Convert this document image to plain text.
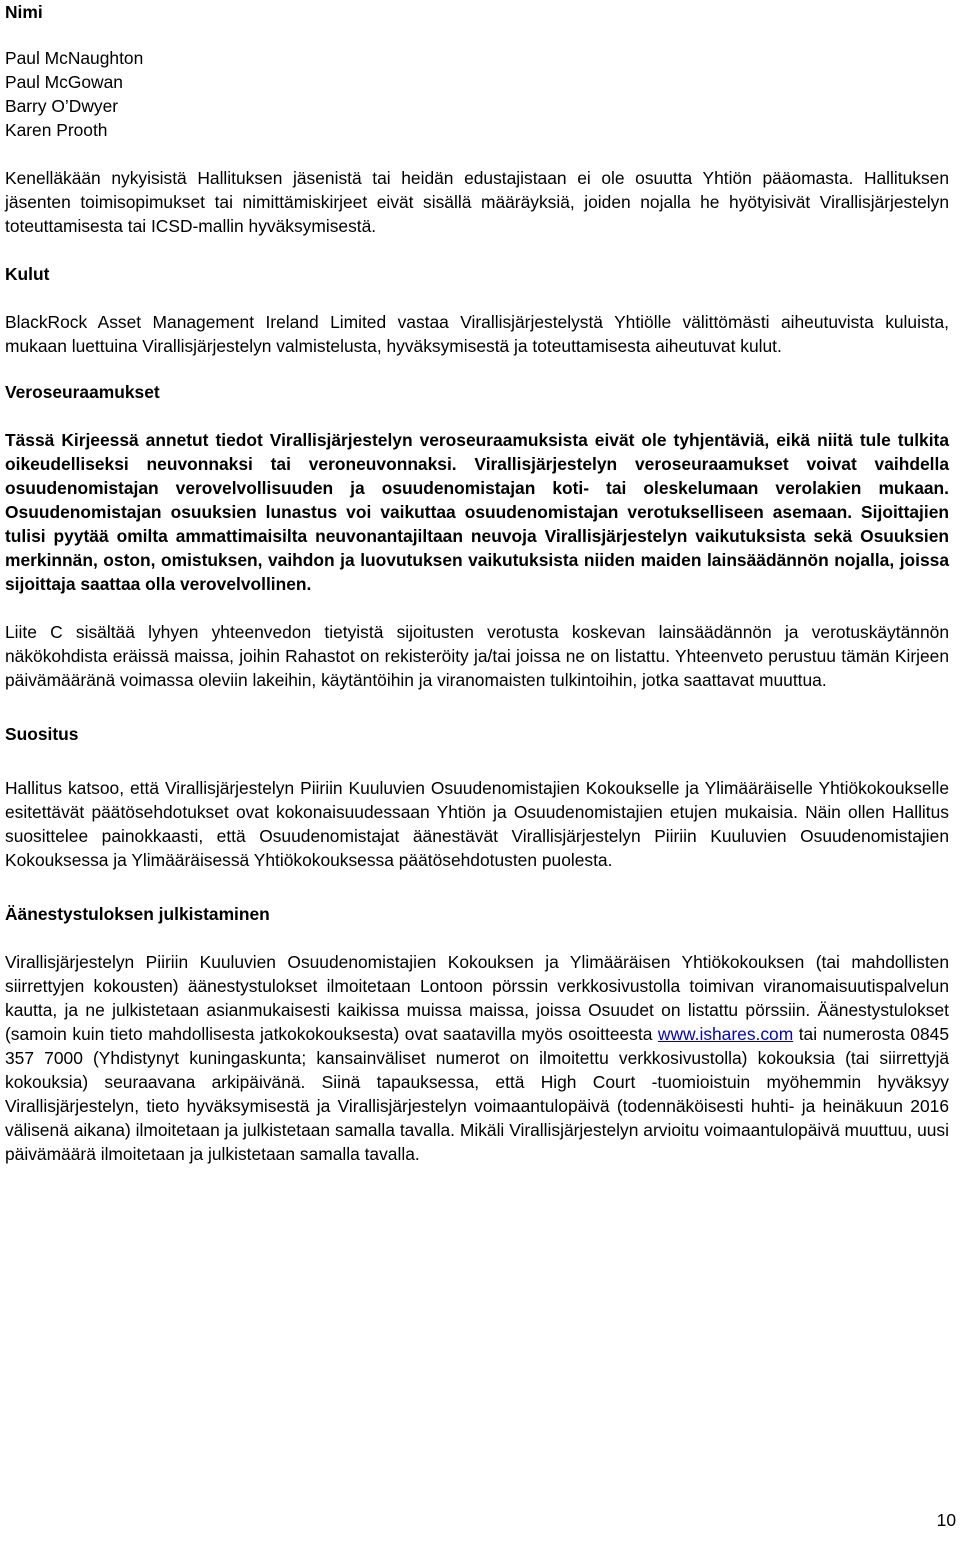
Nimi
Paul McNaughton
Paul McGowan
Barry O’Dwyer
Karen Prooth

Kenelläkään nykyisistä Hallituksen jäsenistä tai heidän edustajistaan ei ole osuutta Yhtiön pääomasta. Hallituksen jäsenten toimisopimukset tai nimittämiskirjeet eivät sisällä määräyksiä, joiden nojalla he hyötyisivät Virallisjärjestelyn toteuttamisesta tai ICSD-mallin hyväksymisestä.

Kulut

BlackRock Asset Management Ireland Limited vastaa Virallisjärjestelystä Yhtiölle välittömästi aiheutuvista kuluista, mukaan luettuina Virallisjärjestelyn valmistelusta, hyväksymisestä ja toteuttamisesta aiheutuvat kulut.

Veroseuraamukset

Tässä Kirjeessä annetut tiedot Virallisjärjestelyn veroseuraamuksista eivät ole tyhjentäviä, eikä niitä tule tulkita oikeudelliseksi neuvonnaksi tai veroneuvonnaksi. Virallisjärjestelyn veroseuraamukset voivat vaihdella osuudenomistajan verovelvollisuuden ja osuudenomistajan koti- tai oleskelumaan verolakien mukaan. Osuudenomistajan osuuksien lunastus voi vaikuttaa osuudenomistajan verotukselliseen asemaan. Sijoittajien tulisi pyytää omilta ammattimaisilta neuvonantajiltaan neuvoja Virallisjärjestelyn vaikutuksista sekä Osuuksien merkinnän, oston, omistuksen, vaihdon ja luovutuksen vaikutuksista niiden maiden lainsäädännön nojalla, joissa sijoittaja saattaa olla verovelvollinen.

Liite C sisältää lyhyen yhteenvedon tietyistä sijoitusten verotusta koskevan lainsäädännön ja verotuskäytännön näkökohdista eräissä maissa, joihin Rahastot on rekisteröity ja/tai joissa ne on listattu. Yhteenveto perustuu tämän Kirjeen päivämääränä voimassa oleviin lakeihin, käytäntöihin ja viranomaisten tulkintoihin, jotka saattavat muuttua.

Suositus

Hallitus katsoo, että Virallisjärjestelyn Piiriin Kuuluvien Osuudenomistajien Kokoukselle ja Ylimääräiselle Yhtiökokoukselle esitettävät päätösehdotukset ovat kokonaisuudessaan Yhtiön ja Osuudenomistajien etujen mukaisia. Näin ollen Hallitus suosittelee painokkaasti, että Osuudenomistajat äänestävät Virallisjärjestelyn Piiriin Kuuluvien Osuudenomistajien Kokouksessa ja Ylimääräisessä Yhtiökokouksessa päätösehdotusten puolesta.

Äänestystuloksen julkistaminen

Virallisjärjestelyn Piiriin Kuuluvien Osuudenomistajien Kokouksen ja Ylimääräisen Yhtiökokouksen (tai mahdollisten siirrettyjen kokousten) äänestystulokset ilmoitetaan Lontoon pörssin verkkosivustolla toimivan viranomaisuutispalvelun kautta, ja ne julkistetaan asianmukaisesti kaikissa muissa maissa, joissa Osuudet on listattu pörssiin. Äänestystulokset (samoin kuin tieto mahdollisesta jatkokokouksesta) ovat saatavilla myös osoitteesta www.ishares.com tai numerosta 0845 357 7000 (Yhdistynyt kuningaskunta; kansainväliset numerot on ilmoitettu verkkosivustolla) kokouksia (tai siirrettyjä kokouksia) seuraavana arkipäivänä. Siinä tapauksessa, että High Court -tuomioistuin myöhemmin hyväksyy Virallisjärjestelyn, tieto hyväksymisestä ja Virallisjärjestelyn voimaantulopäivä (todennäköisesti huhti- ja heinäkuun 2016 välisenä aikana) ilmoitetaan ja julkistetaan samalla tavalla. Mikäli Virallisjärjestelyn arvioitu voimaantulopäivä muuttuu, uusi päivämäärä ilmoitetaan ja julkistetaan samalla tavalla.

10
